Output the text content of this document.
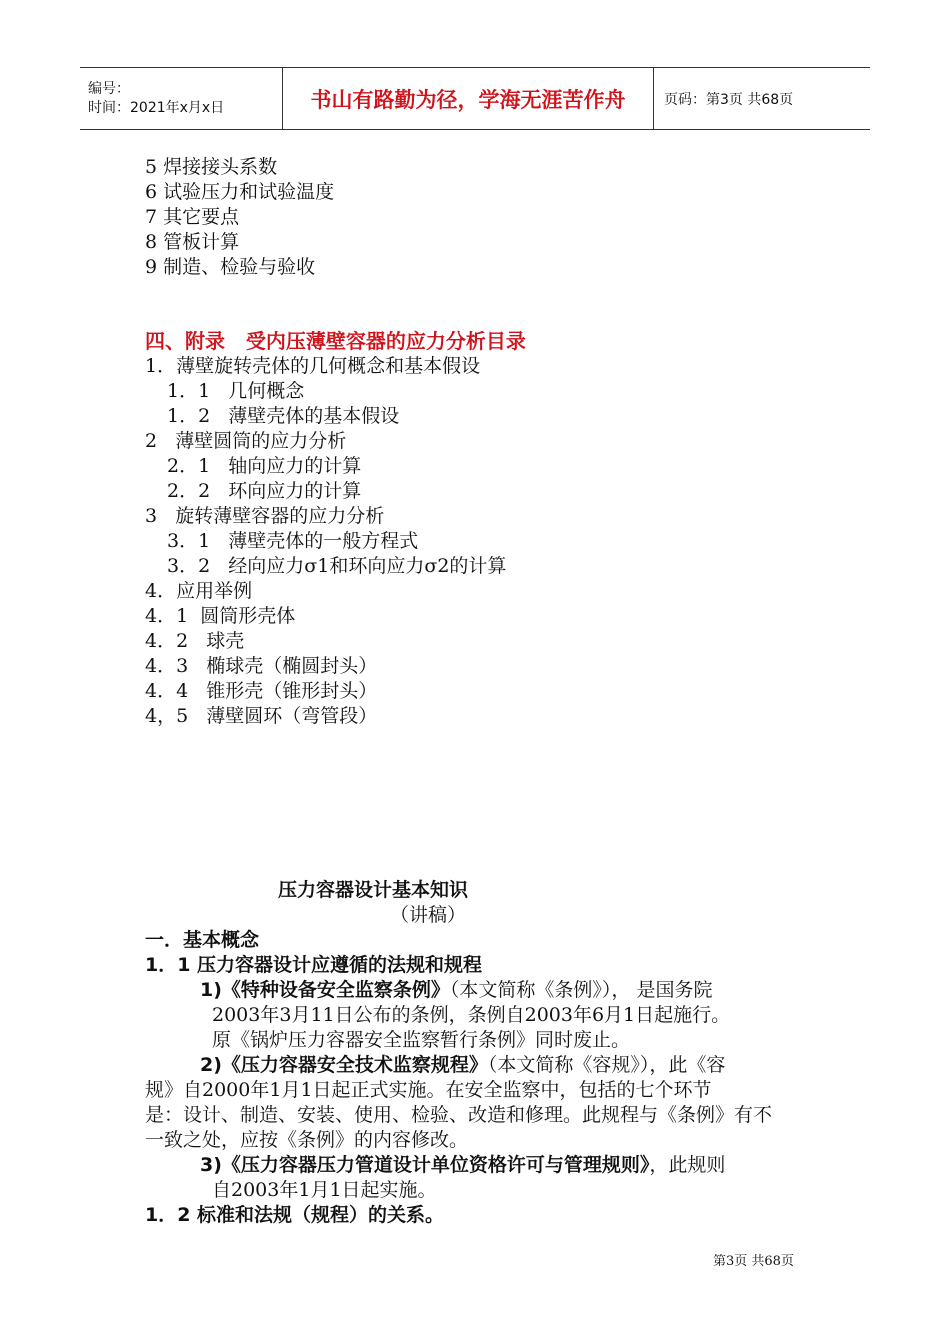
编号：
时间：2021年x月x日	书山有路勤为径，学海无涯苦作舟	页码：第3页 共68页
5 焊接接头系数
6 试验压力和试验温度
7 其它要点
8 管板计算
9 制造、检验与验收
四、附录   受内压薄壁容器的应力分析目录
1．薄壁旋转壳体的几何概念和基本假设
1．1   几何概念
1．2   薄壁壳体的基本假设
2   薄壁圆筒的应力分析
2．1   轴向应力的计算
2．2   环向应力的计算
3   旋转薄壁容器的应力分析
3．1   薄壁壳体的一般方程式
3．2   经向应力σ1和环向应力σ2的计算
4．应用举例
4．1  圆筒形壳体
4．2   球壳
4．3   椭球壳（椭圆封头）
4．4   锥形壳（锥形封头）
4，5   薄壁圆环（弯管段）
压力容器设计基本知识
（讲稿）
一．基本概念
1．1 压力容器设计应遵循的法规和规程
1)《特种设备安全监察条例》（本文简称《条例》）， 是国务院
2003年3月11日公布的条例，条例自2003年6月1日起施行。
原《锅炉压力容器安全监察暂行条例》同时废止。
2)《压力容器安全技术监察规程》（本文简称《容规》），此《容
规》自2000年1月1日起正式实施。在安全监察中，包括的七个环节
是：设计、制造、安装、使用、检验、改造和修理。此规程与《条例》有不
一致之处，应按《条例》的内容修改。
3)《压力容器压力管道设计单位资格许可与管理规则》，此规则
自2003年1月1日起实施。
1．2 标准和法规（规程）的关系。
第3页 共68页
